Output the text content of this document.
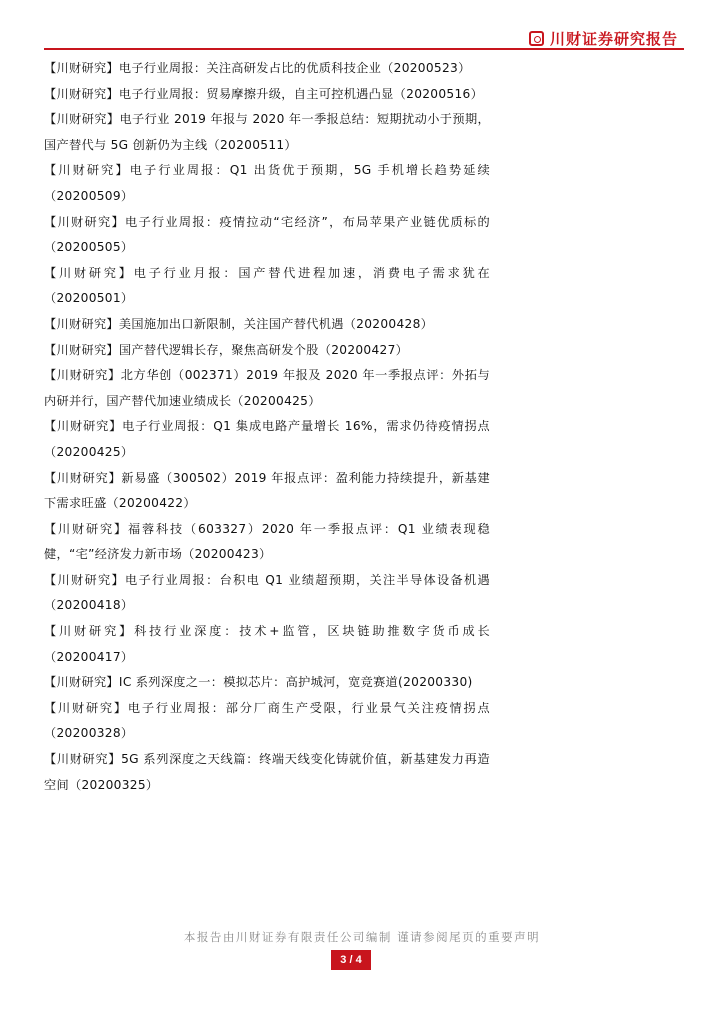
川财证券研究报告
【川财研究】电子行业周报：关注高研发占比的优质科技企业（20200523）
【川财研究】电子行业周报：贸易摩擦升级，自主可控机遇凸显（20200516）
【川财研究】电子行业 2019 年报与 2020 年一季报总结：短期扰动小于预期，国产替代与 5G 创新仍为主线（20200511）
【川财研究】电子行业周报：Q1 出货优于预期，5G 手机增长趋势延续（20200509）
【川财研究】电子行业周报：疫情拉动“宅经济”，布局苹果产业链优质标的（20200505）
【川财研究】电子行业月报：国产替代进程加速，消费电子需求犹在（20200501）
【川财研究】美国施加出口新限制，关注国产替代机遇（20200428）
【川财研究】国产替代逻辑长存，聚焦高研发个股（20200427）
【川财研究】北方华创（002371）2019 年报及 2020 年一季报点评：外拓与内研并行，国产替代加速业绩成长（20200425）
【川财研究】电子行业周报：Q1 集成电路产量增长 16%，需求仍待疫情拐点（20200425）
【川财研究】新易盛（300502）2019 年报点评：盈利能力持续提升，新基建下需求旺盛（20200422）
【川财研究】福蓉科技（603327）2020 年一季报点评：Q1 业绩表现稳健，“宅”经济发力新市场（20200423）
【川财研究】电子行业周报：台积电 Q1 业绩超预期，关注半导体设备机遇（20200418）
【川财研究】科技行业深度：技术+监管，区块链助推数字货币成长（20200417）
【川财研究】IC 系列深度之一：模拟芯片：高护城河，宽竞赛道(20200330)
【川财研究】电子行业周报：部分厂商生产受限，行业景气关注疫情拐点（20200328）
【川财研究】5G 系列深度之天线篇：终端天线变化铸就价值，新基建发力再造空间（20200325）
本报告由川财证券有限责任公司编制 谨请参阅尾页的重要声明
3 / 4
